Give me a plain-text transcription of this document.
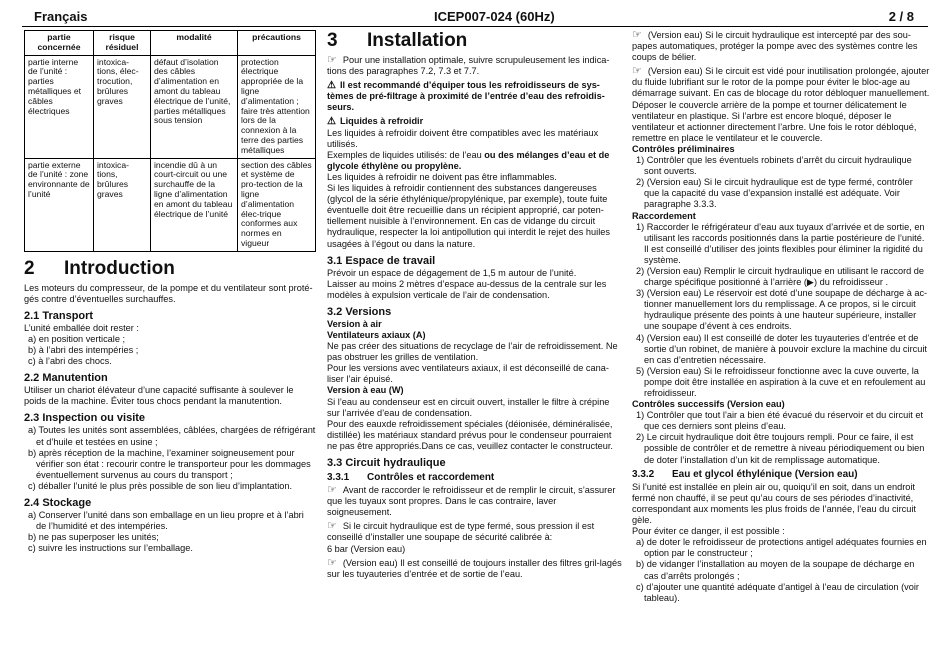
Français	ICEP007-024 (60Hz)	2 / 8
partie concernée	risque résiduel	modalité	précautions
partie interne de l’unité : parties métalliques et câbles électriques	intoxica-tions, élec-trocution, brûlures graves	défaut d’isolation des câbles d’alimentation en amont du tableau électrique de l’unité, parties métalliques sous tension	protection électrique appropriée de la ligne d’alimentation ; faire très attention lors de la connexion à la terre des parties métalliques
partie externe de l’unité : zone environnante de l’unité	intoxica-tions, brûlures graves	incendie dû à un court-circuit ou une surchauffe de la ligne d’alimentation en amont du tableau électrique de l’unité	section des câbles et système de pro-tection de la ligne d’alimentation élec-trique conformes aux normes en vigueur
2 Introduction

Les moteurs du compresseur, de la pompe et du ventilateur sont proté-gés contre d’éventuelles surchauffes.

2.1 Transport

L’unité emballée doit rester :

a) en position verticale ;

b) à l’abri des intempéries ;

c) à l’abri des chocs.

2.2 Manutention

Utiliser un chariot élévateur d’une capacité suffisante à soulever le poids de la machine. Éviter tous chocs pendant la manutention.

2.3 Inspection ou visite

a) Toutes les unités sont assemblées, câblées, chargées de réfrigérant et d’huile et testées en usine ;

b) après réception de la machine, l’examiner soigneusement pour vérifier son état : recourir contre le transporteur pour les dommages éventuellement survenus au cours du transport ;

c) déballer l’unité le plus près possible de son lieu d’implantation.

2.4 Stockage

a) Conserver l’unité dans son emballage en un lieu propre et à l’abri de l’humidité et des intempéries.

b) ne pas superposer les unités;

c) suivre les instructions sur l’emballage.

3 Installation

☞ Pour une installation optimale, suivre scrupuleusement les indica-tions des paragraphes 7.2, 7.3 et 7.7.

⚠ Il est recommandé d’équiper tous les refroidisseurs de sys-tèmes de pré-filtrage à proximité de l’entrée d’eau des refroidis-seurs.

⚠ Liquides à refroidir

Les liquides à refroidir doivent être compatibles avec les matériaux utilisés.

Exemples de liquides utilisés: de l’eau ou des mélanges d’eau et de glycole éthylène ou propylène.

Les liquides à refroidir ne doivent pas être inflammables.

Si les liquides à refroidir contiennent des substances dangereuses (glycol de la série éthylénique/propylénique, par exemple), toute fuite éventuelle doit être recueillie dans un récipient approprié, car poten-tiellement nuisible à l’environnement. En cas de vidange du circuit hydraulique, respecter la loi antipollution qui interdit le rejet des huiles usagées à l’égout ou dans la nature.

3.1 Espace de travail

Prévoir un espace de dégagement de 1,5 m autour de l’unité.

Laisser au moins 2 mètres d’espace au-dessus de la centrale sur les modèles à expulsion verticale de l’air de condensation.

3.2 Versions

Version à air

Ventilateurs axiaux (A)

Ne pas créer des situations de recyclage de l’air de refroidissement. Ne pas obstruer les grilles de ventilation.

Pour les versions avec ventilateurs axiaux, il est déconseillé de cana-liser l’air épuisé.

Version à eau (W)

Si l’eau au condenseur est en circuit ouvert, installer le filtre à crépine sur l’arrivée d’eau de condensation.

Pour des eauxde refroidissement spéciales (déionisée, déminéralisée, distillée) les matériaux standard prévus pour le condenseur pourraient ne pas être appropriés.Dans ce cas, veuillez contacter le constructeur.

3.3 Circuit hydraulique
3.3.1 Contrôles et raccordement

☞ Avant de raccorder le refroidisseur et de remplir le circuit, s’assurer que les tuyaux sont propres. Dans le cas contraire, laver soigneusement.

☞ Si le circuit hydraulique est de type fermé, sous pression il est conseillé d’installer une soupape de sécurité calibrée à:

6 bar (Version eau)

☞ (Version eau) Il est conseillé de toujours installer des filtres gril-lagés sur les tuyauteries d’entrée et de sortie de l’eau.

☞ (Version eau) Si le circuit hydraulique est intercepté par des sou-papes automatiques, protéger la pompe avec des systèmes contre les coups de bélier.

☞ (Version eau) Si le circuit est vidé pour inutilisation prolongée, ajouter du fluide lubrifiant sur le rotor de la pompe pour éviter le bloc-age au démarrage suivant. En cas de blocage du rotor débloquer manuellement.

Déposer le couvercle arrière de la pompe et tourner délicatement le ventilateur en plastique. Si l’arbre est encore bloqué, déposer le ventilateur et actionner directement l’arbre. Une fois le rotor débloqué, remettre en place le ventilateur et le couvercle.

Contrôles préliminaires

1) Contrôler que les éventuels robinets d’arrêt du circuit hydraulique sont ouverts.

2) (Version eau) Si le circuit hydraulique est de type fermé, contrôler que la capacité du vase d’expansion installé est adéquate. Voir paragraphe 3.3.3.

Raccordement

1) Raccorder le réfrigérateur d’eau aux tuyaux d’arrivée et de sortie, en utilisant les raccords positionnés dans la partie postérieure de l’unité. Il est conseillé d’utiliser des joints flexibles pour éliminer la rigidité du système.

2) (Version eau) Remplir le circuit hydraulique en utilisant le raccord de charge spécifique positionné à l’arrière (▶) du refroidisseur .

3) (Version eau) Le réservoir est doté d’une soupape de décharge à ac-tionner manuellement lors du remplissage. A ce propos, si le circuit hydraulique présente des points à une hauteur supérieure, installer une soupape d’évent à ces endroits.

4) (Version eau) Il est conseillé de doter les tuyauteries d’entrée et de sortie d’un robinet, de manière à pouvoir exclure la machine du circuit en cas d’entretien nécessaire.

5) (Version eau) Si le refroidisseur fonctionne avec la cuve ouverte, la pompe doit être installée en aspiration à la cuve et en refoulement au refroidisseur.

Contrôles successifs (Version eau)

1) Contrôler que tout l’air a bien été évacué du réservoir et du circuit et que ces derniers sont pleins d’eau.

2) Le circuit hydraulique doit être toujours rempli. Pour ce faire, il est possible de contrôler et de remettre à niveau périodiquement ou bien de doter l’installation d’un kit de remplissage automatique.

3.3.2 Eau et glycol éthylénique (Version eau)

Si l’unité est installée en plein air ou, quoiqu’il en soit, dans un endroit fermé non chauffé, il se peut qu’au cours de ses périodes d’inactivité, correspondant aux moments les plus froids de l’année, l’eau du circuit gèle.

Pour éviter ce danger, il est possible :

a) de doter le refroidisseur de protections antigel adéquates fournies en option par le constructeur ;

b) de vidanger l’installation au moyen de la soupape de décharge en cas d’arrêts prolongés ;

c) d’ajouter une quantité adéquate d’antigel à l’eau de circulation (voir tableau).
